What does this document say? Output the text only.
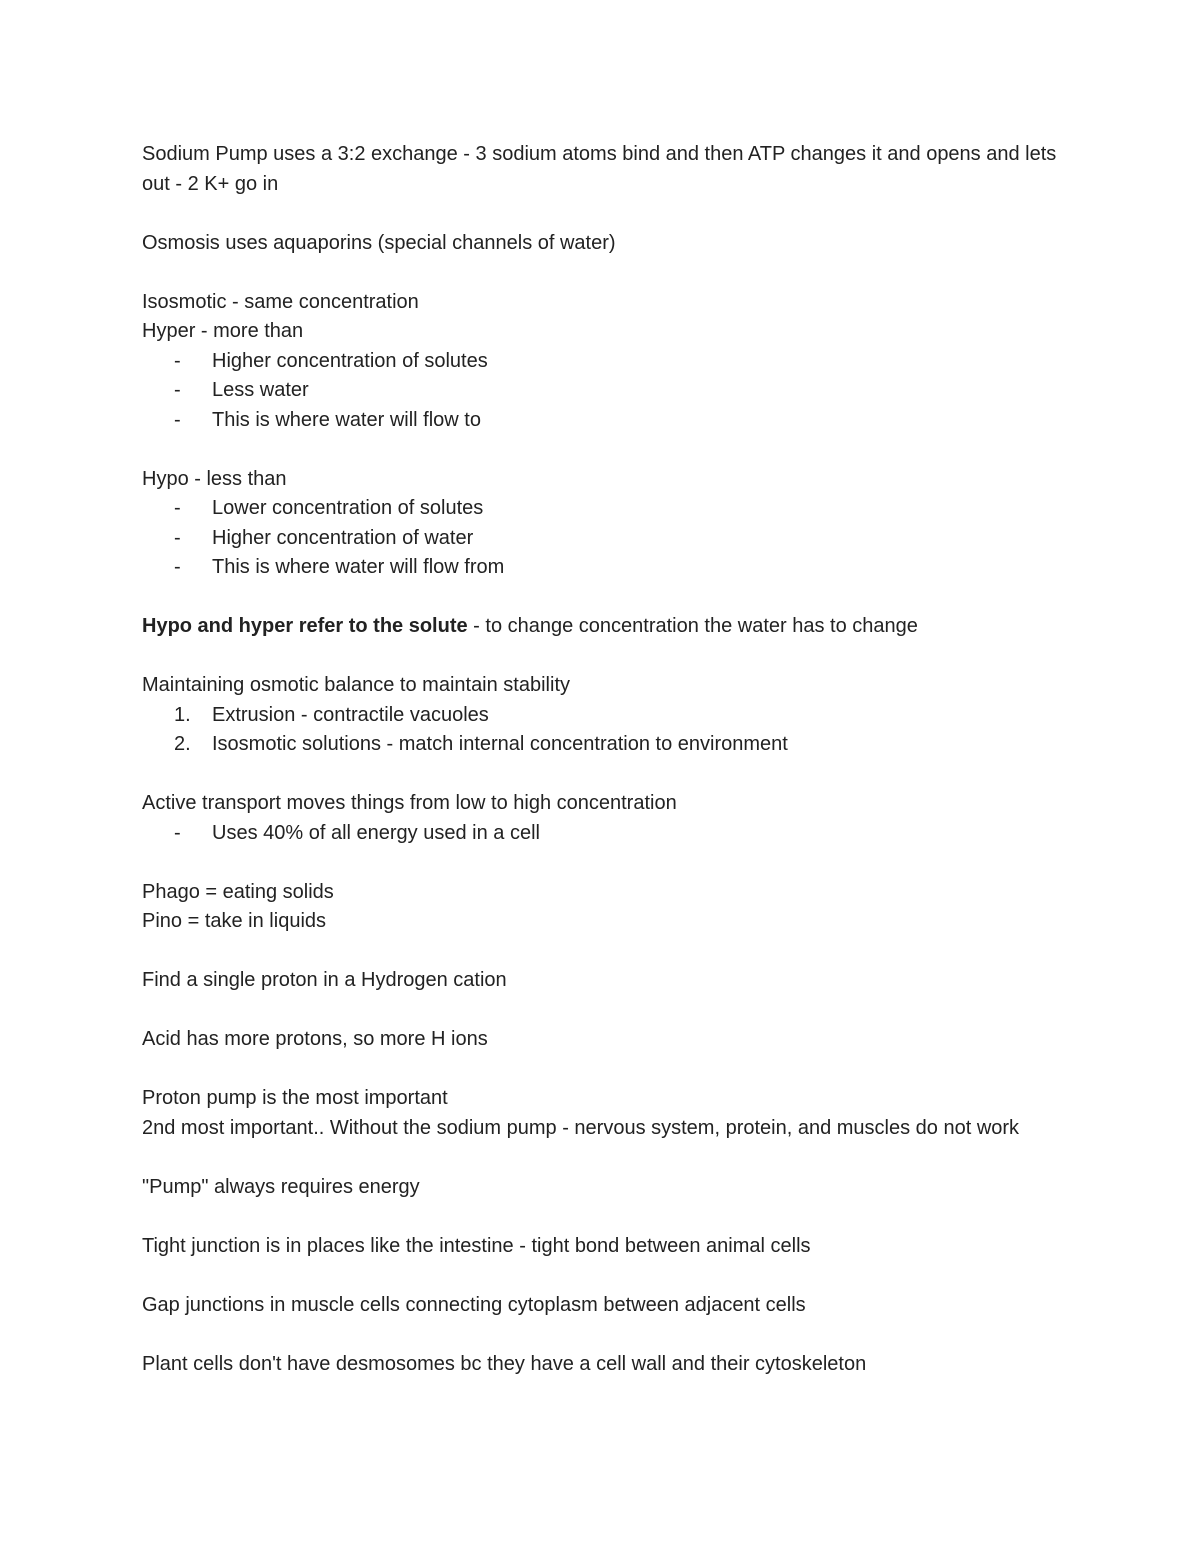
Sodium Pump uses a 3:2 exchange - 3 sodium atoms bind and then ATP changes it and opens and lets out - 2 K+ go in

Osmosis uses aquaporins (special channels of water)

Isosmotic - same concentration

Hyper - more than

- Higher concentration of solutes
- Less water
- This is where water will flow to

Hypo - less than

- Lower concentration of solutes
- Higher concentration of water
- This is where water will flow from

Hypo and hyper refer to the solute - to change concentration the water has to change

Maintaining osmotic balance to maintain stability

1. Extrusion - contractile vacuoles
2. Isosmotic solutions - match internal concentration to environment

Active transport moves things from low to high concentration

- Uses 40% of all energy used in a cell

Phago = eating solids

Pino = take in liquids

Find a single proton in a Hydrogen cation

Acid has more protons, so more H ions

Proton pump is the most important

2nd most important.. Without the sodium pump - nervous system, protein, and muscles do not work

"Pump" always requires energy

Tight junction is in places like the intestine - tight bond between animal cells

Gap junctions in muscle cells connecting cytoplasm between adjacent cells

Plant cells don't have desmosomes bc they have a cell wall and their cytoskeleton
